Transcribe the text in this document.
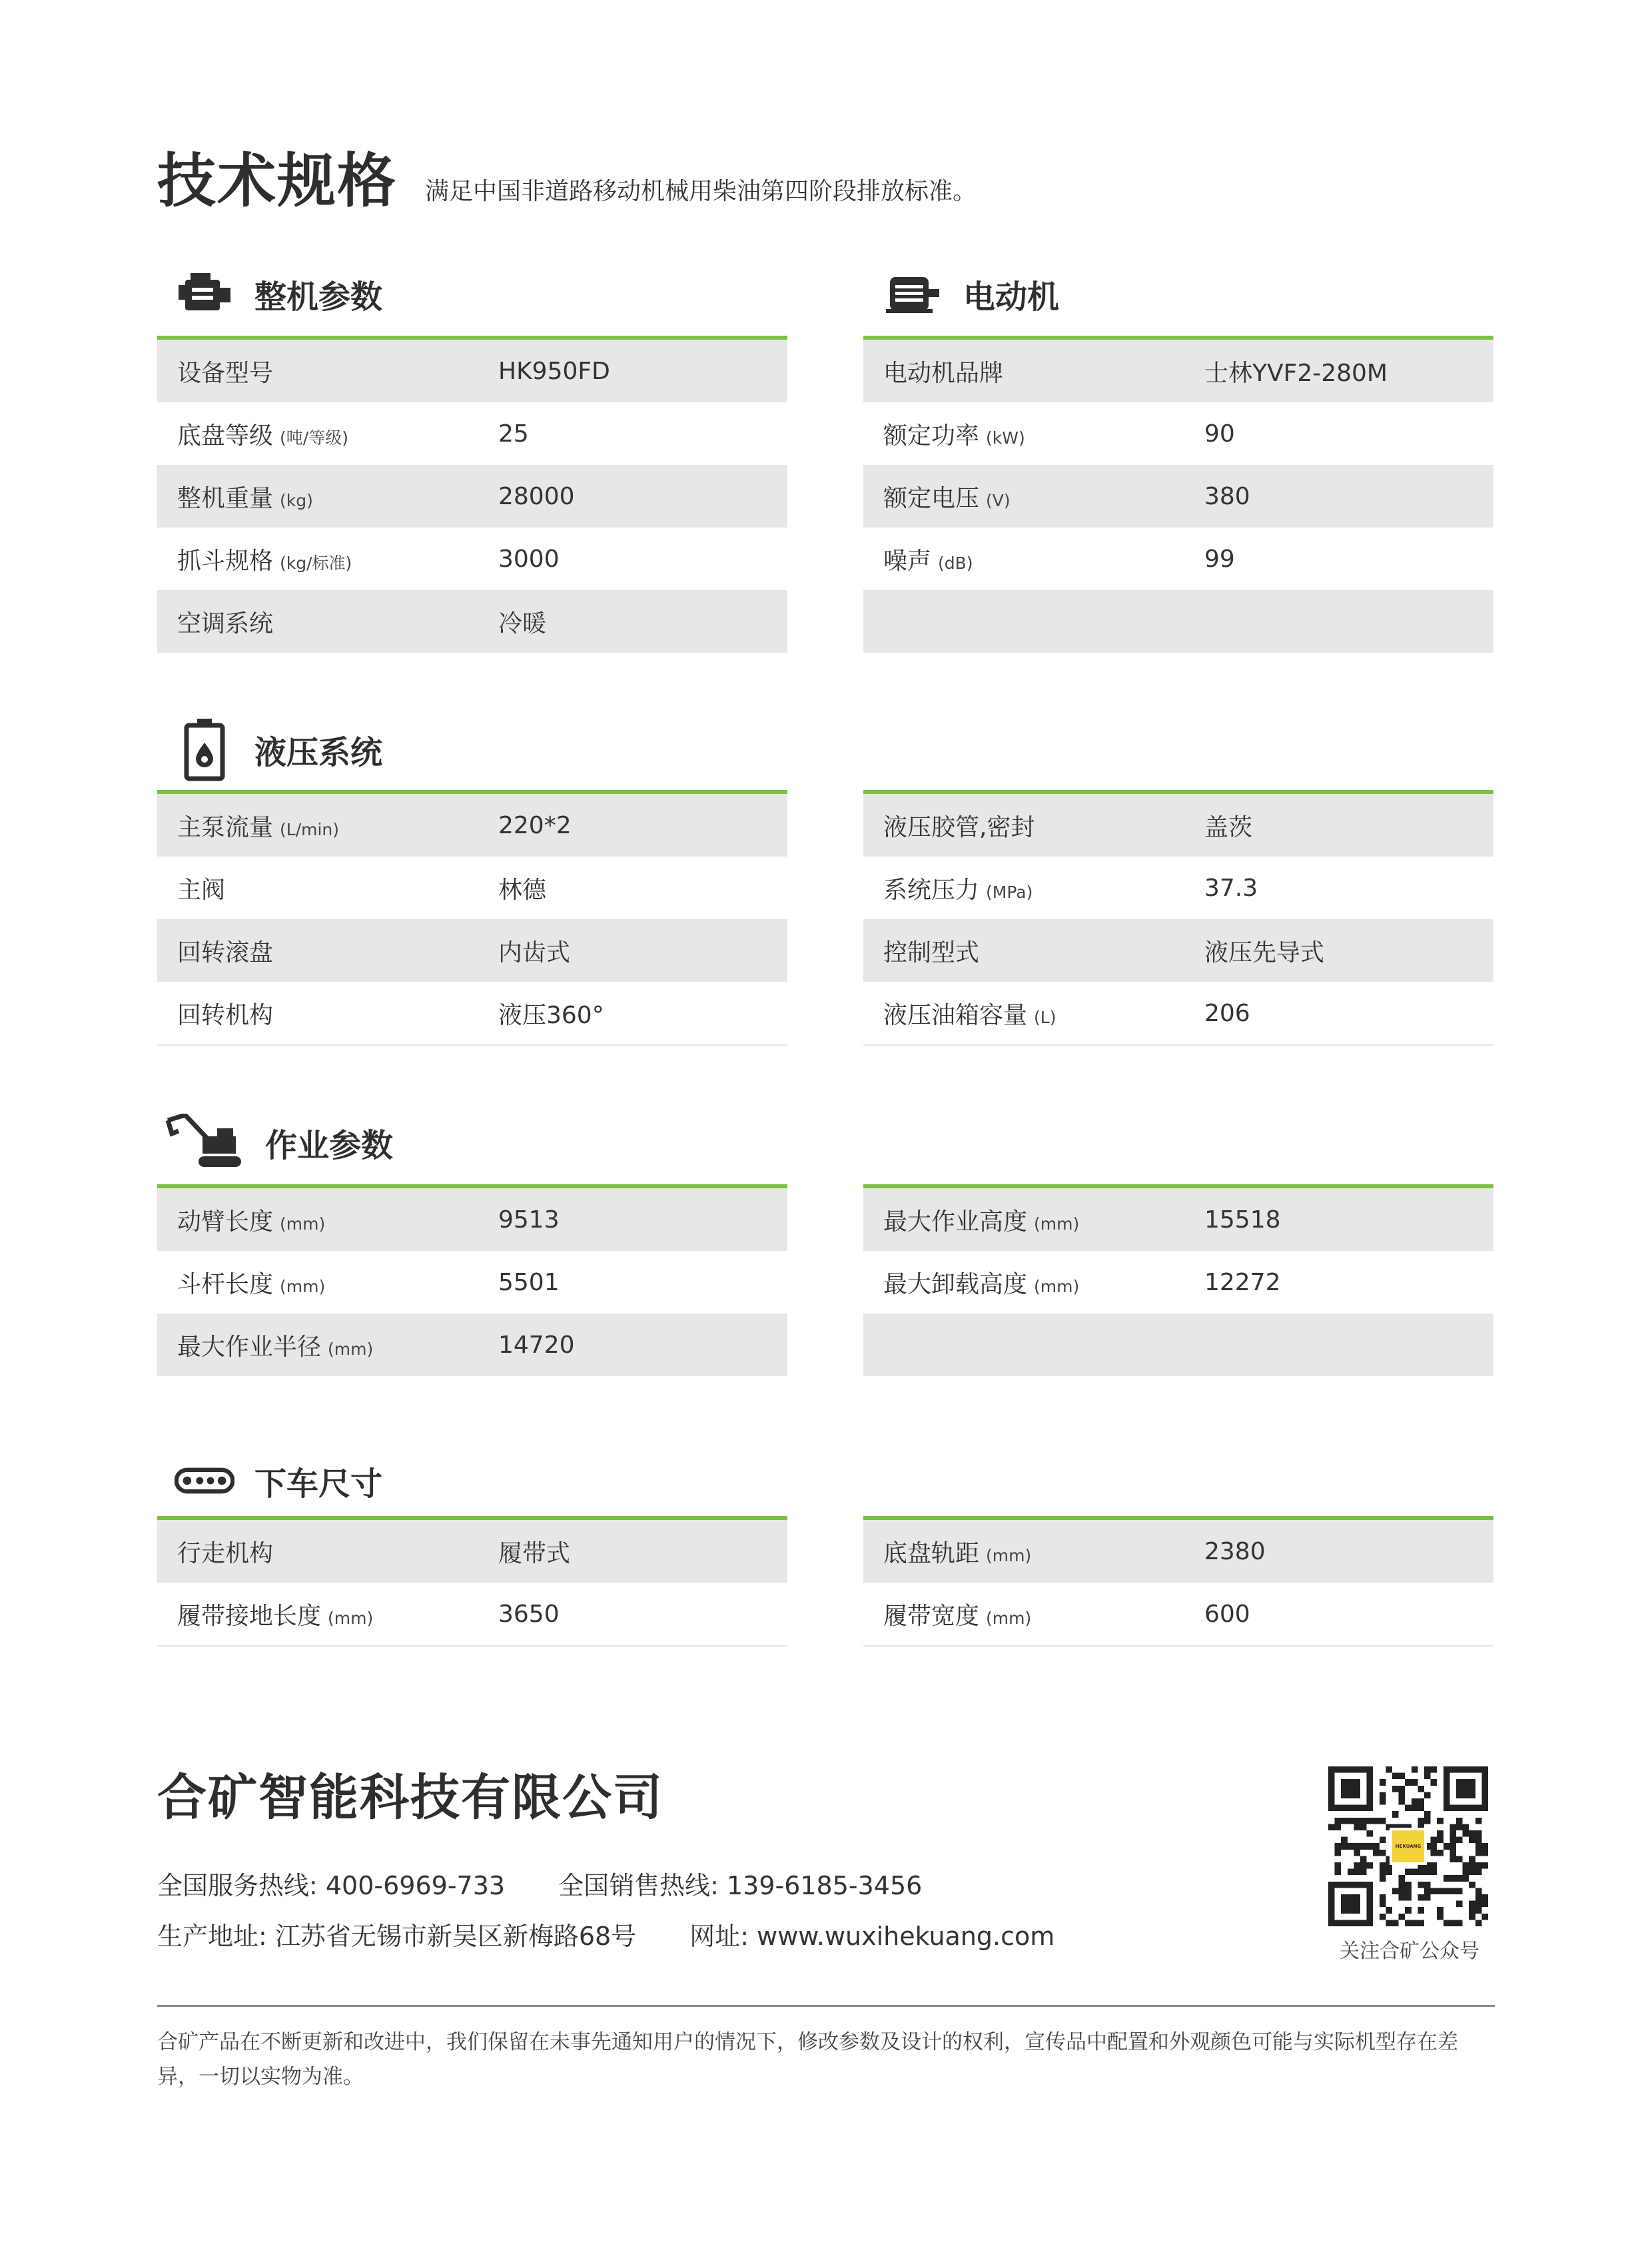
技术规格 满足中国非道路移动机械用柴油第四阶段排放标准。
整机参数
设备型号	HK950FD
底盘等级 (吨/等级)	25
整机重量 (kg)	28000
抓斗规格 (kg/标准)	3000
空调系统	冷暖
电动机
电动机品牌	士林YVF2-280M
额定功率 (kW)	90
额定电压 (V)	380
噪声 (dB)	99
液压系统
主泵流量 (L/min)	220*2
主阀	林德
回转滚盘	内齿式
回转机构	液压360°
液压胶管,密封	盖茨
系统压力 (MPa)	37.3
控制型式	液压先导式
液压油箱容量 (L)	206
作业参数
动臂长度 (mm)	9513
斗杆长度 (mm)	5501
最大作业半径 (mm)	14720
最大作业高度 (mm)	15518
最大卸载高度 (mm)	12272
下车尺寸
行走机构	履带式
履带接地长度 (mm)	3650
底盘轨距 (mm)	2380
履带宽度 (mm)	600
合矿智能科技有限公司
全国服务热线: 400-6969-733 全国销售热线: 139-6185-3456
生产地址: 江苏省无锡市新吴区新梅路68号 网址: www.wuxihekuang.com
HEKUANG
关注合矿公众号
合矿产品在不断更新和改进中，我们保留在未事先通知用户的情况下，修改参数及设计的权利，宣传品中配置和外观颜色可能与实际机型存在差异，一切以实物为准。
